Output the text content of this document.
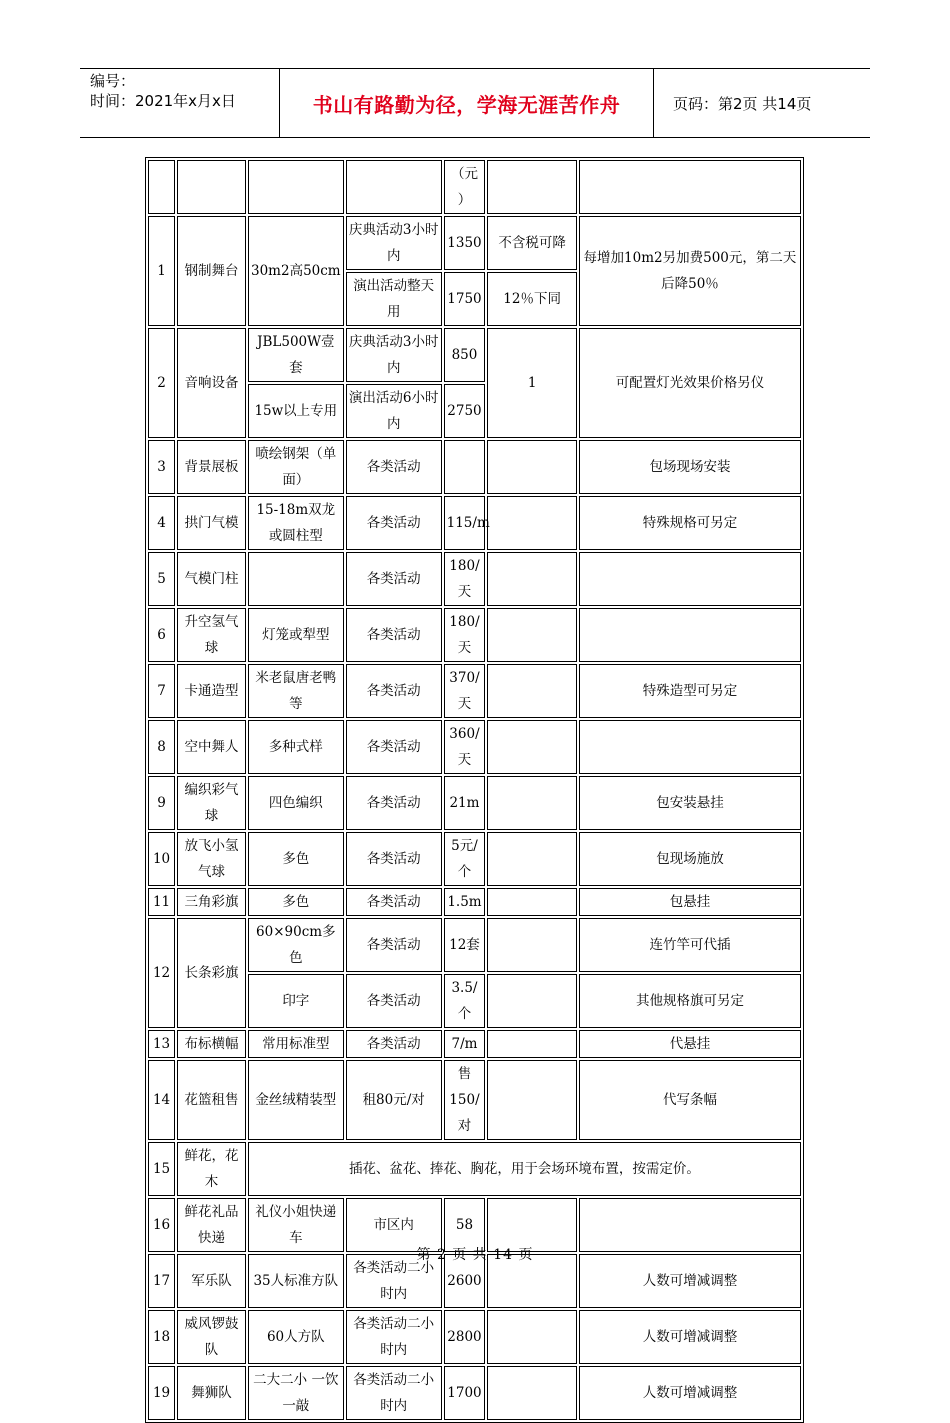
编号：
时间：2021年x月x日	书山有路勤为径，学海无涯苦作舟	页码：第2页 共14页
				（元
）		
1	钢制舞台	30m2高50cm	庆典活动3小时内	1350	不含税可降	每增加10m2另加费500元，第二天后降50％
			演出活动整天用	1750	12％下同	
2	音响设备	JBL500W壹套	庆典活动3小时内	850	1	可配置灯光效果价格另仪
		15w以上专用	演出活动6小时内	2750		
3	背景展板	喷绘钢架（单面）	各类活动			包场现场安装
4	拱门气模	15-18m双龙或圆柱型	各类活动	115/m		特殊规格可另定
5	气模门柱		各类活动	180/天		
6	升空氢气球	灯笼或犁型	各类活动	180/天		
7	卡通造型	米老鼠唐老鸭等	各类活动	370/天		特殊造型可另定
8	空中舞人	多种式样	各类活动	360/天		
9	编织彩气球	四色编织	各类活动	21m		包安装悬挂
10	放飞小氢气球	多色	各类活动	5元/个		包现场施放
11	三角彩旗	多色	各类活动	1.5m		包悬挂
12	长条彩旗	60×90cm多色	各类活动	12套		连竹竿可代插
		印字	各类活动	3.5/个		其他规格旗可另定
13	布标横幅	常用标准型	各类活动	7/m		代悬挂
14	花篮租售	金丝绒精装型	租80元/对	售150/对		代写条幅
15	鲜花，花木	插花、盆花、捧花、胸花，用于会场环境布置，按需定价。				
16	鲜花礼品快递	礼仪小姐快递车	市区内	58		
17	军乐队	35人标准方队	各类活动二小时内	2600		人数可增减调整
18	威风锣鼓队	60人方队	各类活动二小时内	2800		人数可增减调整
19	舞狮队	二大二小 一饮一敲	各类活动二小时内	1700		人数可增减调整
第 2 页 共 14 页
